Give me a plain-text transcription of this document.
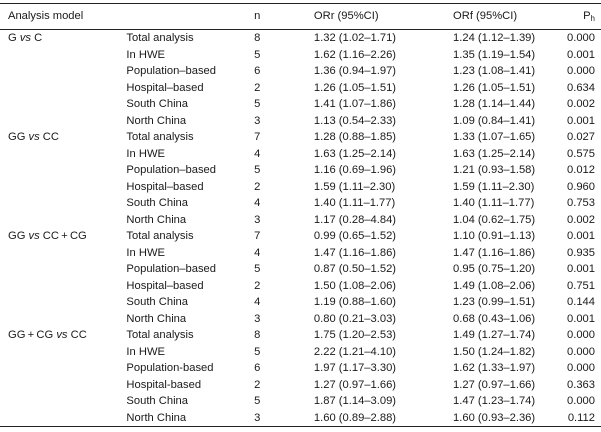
Analysis model		n	ORr (95%CI)	ORf (95%CI)	$P_h$
G vs C	Total analysis	8	1.32 (1.02–1.71)	1.24 (1.12–1.39)	0.000
	In HWE	5	1.62 (1.16–2.26)	1.35 (1.19–1.54)	0.001
	Population–based	6	1.36 (0.94–1.97)	1.23 (1.08–1.41)	0.000
	Hospital–based	2	1.26 (1.05–1.51)	1.26 (1.05–1.51)	0.634
	South China	5	1.41 (1.07–1.86)	1.28 (1.14–1.44)	0.002
	North China	3	1.13 (0.54–2.33)	1.09 (0.84–1.41)	0.001
GG vs CC	Total analysis	7	1.28 (0.88–1.85)	1.33 (1.07–1.65)	0.027
	In HWE	4	1.63 (1.25–2.14)	1.63 (1.25–2.14)	0.575
	Population–based	5	1.16 (0.69–1.96)	1.21 (0.93–1.58)	0.012
	Hospital–based	2	1.59 (1.11–2.30)	1.59 (1.11–2.30)	0.960
	South China	4	1.40 (1.11–1.77)	1.40 (1.11–1.77)	0.753
	North China	3	1.17 (0.28–4.84)	1.04 (0.62–1.75)	0.002
GG vs CC + CG	Total analysis	7	0.99 (0.65–1.52)	1.10 (0.91–1.13)	0.001
	In HWE	4	1.47 (1.16–1.86)	1.47 (1.16–1.86)	0.935
	Population–based	5	0.87 (0.50–1.52)	0.95 (0.75–1.20)	0.001
	Hospital–based	2	1.50 (1.08–2.06)	1.49 (1.08–2.06)	0.751
	South China	4	1.19 (0.88–1.60)	1.23 (0.99–1.51)	0.144
	North China	3	0.80 (0.21–3.03)	0.68 (0.43–1.06)	0.001
GG + CG vs CC	Total analysis	8	1.75 (1.20–2.53)	1.49 (1.27–1.74)	0.000
	In HWE	5	2.22 (1.21–4.10)	1.50 (1.24–1.82)	0.000
	Population-based	6	1.97 (1.17–3.30)	1.62 (1.33–1.97)	0.000
	Hospital-based	2	1.27 (0.97–1.66)	1.27 (0.97–1.66)	0.363
	South China	5	1.87 (1.14–3.09)	1.47 (1.23–1.74)	0.000
	North China	3	1.60 (0.89–2.88)	1.60 (0.93–2.36)	0.112
